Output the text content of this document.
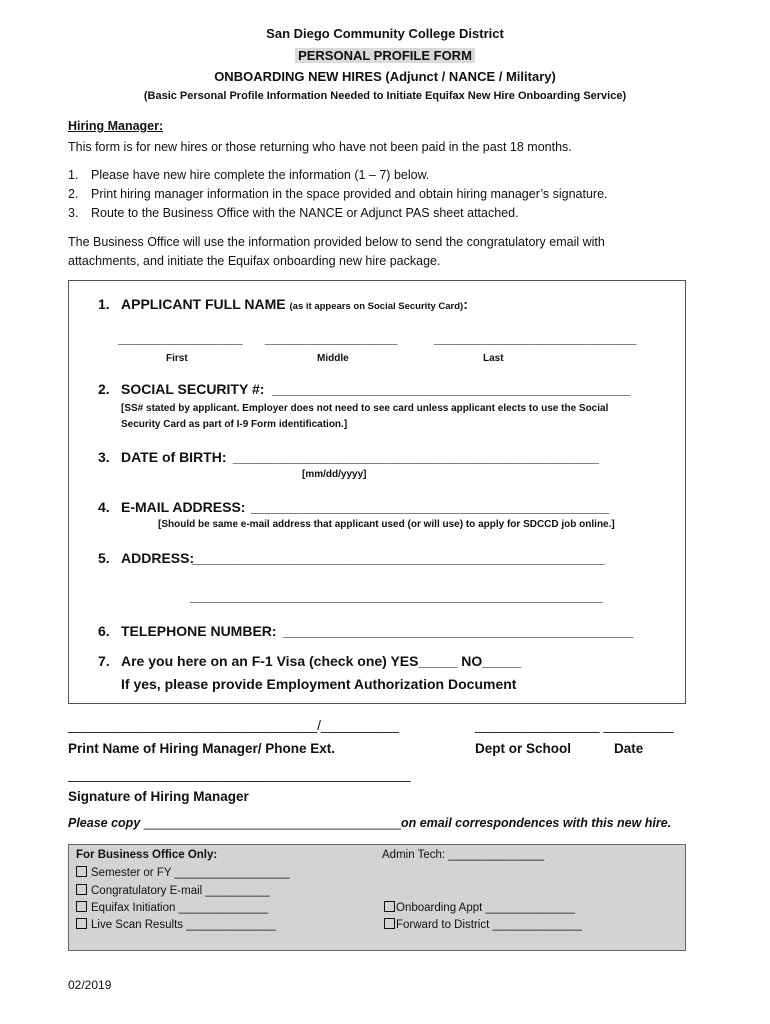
San Diego Community College District
PERSONAL PROFILE FORM
ONBOARDING NEW HIRES (Adjunct / NANCE / Military)
(Basic Personal Profile Information Needed to Initiate Equifax New Hire Onboarding Service)
Hiring Manager:
This form is for new hires or those returning who have not been paid in the past 18 months.
1. Please have new hire complete the information (1 – 7) below.
2. Print hiring manager information in the space provided and obtain hiring manager’s signature.
3. Route to the Business Office with the NANCE or Adjunct PAS sheet attached.
The Business Office will use the information provided below to send the congratulatory email with
attachments, and initiate the Equifax onboarding new hire package.
1. APPLICANT FULL NAME (as it appears on Social Security Card):
________________ _________________	__________________________
First	Middle	Last
2. SOCIAL SECURITY #: ______________________________________________
[SS# stated by applicant. Employer does not need to see card unless applicant elects to use the Social
Security Card as part of I-9 Form identification.]
3. DATE of BIRTH: _______________________________________________
[mm/dd/yyyy]
4. E-MAIL ADDRESS: ______________________________________________
[Should be same e-mail address that applicant used (or will use) to apply for SDCCD job online.]
5. ADDRESS:
_____________________________________________________
_____________________________________________________
6. TELEPHONE NUMBER: _____________________________________________
7. Are you here on an F-1 Visa (check one) YES_____ NO_____
If yes, please provide Employment Authorization Document
________________________________/__________	________________ _________
Print Name of Hiring Manager/ Phone Ext.	Dept or School	Date
____________________________________________
Signature of Hiring Manager
Please copy _____________________________________on email correspondences with this new hire.
For Business Office Only:	Admin Tech: _______________
Semester or FY __________________
Congratulatory E-mail __________
Equifax Initiation ______________
Live Scan Results ______________
Onboarding Appt ______________
Forward to District ______________
02/2019
